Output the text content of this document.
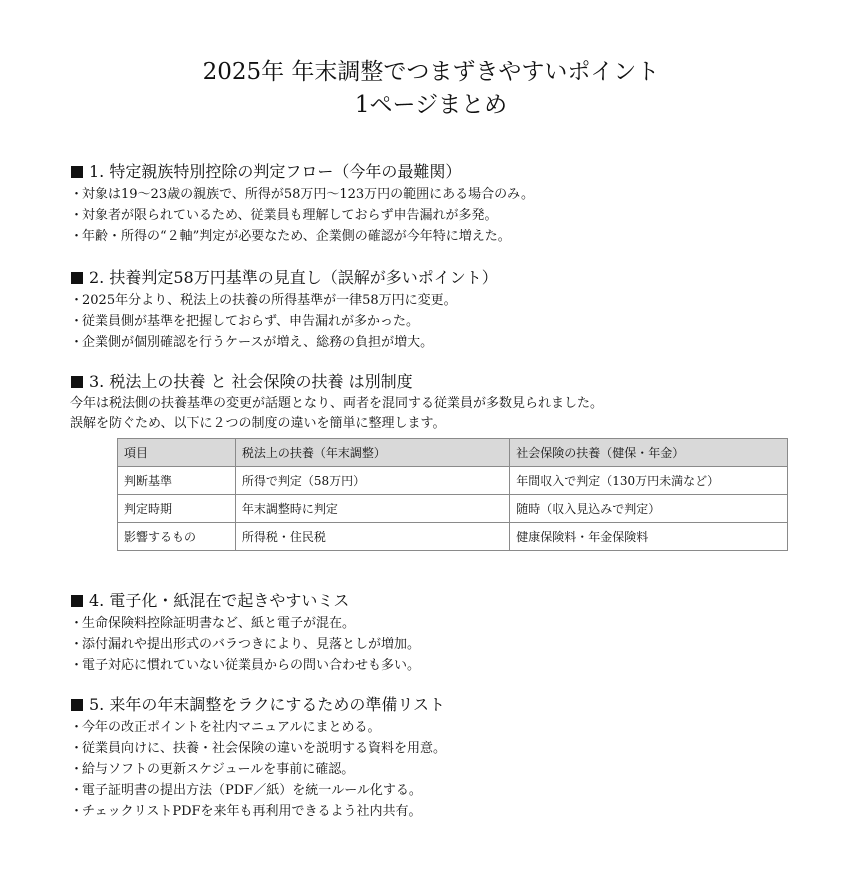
2025年 年末調整でつまずきやすいポイント
1ページまとめ
1. 特定親族特別控除の判定フロー（今年の最難関）
・対象は19〜23歳の親族で、所得が58万円〜123万円の範囲にある場合のみ。
・対象者が限られているため、従業員も理解しておらず申告漏れが多発。
・年齢・所得の“２軸”判定が必要なため、企業側の確認が今年特に増えた。
2. 扶養判定58万円基準の見直し（誤解が多いポイント）
・2025年分より、税法上の扶養の所得基準が一律58万円に変更。
・従業員側が基準を把握しておらず、申告漏れが多かった。
・企業側が個別確認を行うケースが増え、総務の負担が増大。
3. 税法上の扶養 と 社会保険の扶養 は別制度
今年は税法側の扶養基準の変更が話題となり、両者を混同する従業員が多数見られました。
誤解を防ぐため、以下に２つの制度の違いを簡単に整理します。
項目	税法上の扶養（年末調整）	社会保険の扶養（健保・年金）
判断基準	所得で判定（58万円）	年間収入で判定（130万円未満など）
判定時期	年末調整時に判定	随時（収入見込みで判定）
影響するもの	所得税・住民税	健康保険料・年金保険料
4. 電子化・紙混在で起きやすいミス
・生命保険料控除証明書など、紙と電子が混在。
・添付漏れや提出形式のバラつきにより、見落としが増加。
・電子対応に慣れていない従業員からの問い合わせも多い。
5. 来年の年末調整をラクにするための準備リスト
・今年の改正ポイントを社内マニュアルにまとめる。
・従業員向けに、扶養・社会保険の違いを説明する資料を用意。
・給与ソフトの更新スケジュールを事前に確認。
・電子証明書の提出方法（PDF／紙）を統一ルール化する。
・チェックリストPDFを来年も再利用できるよう社内共有。
